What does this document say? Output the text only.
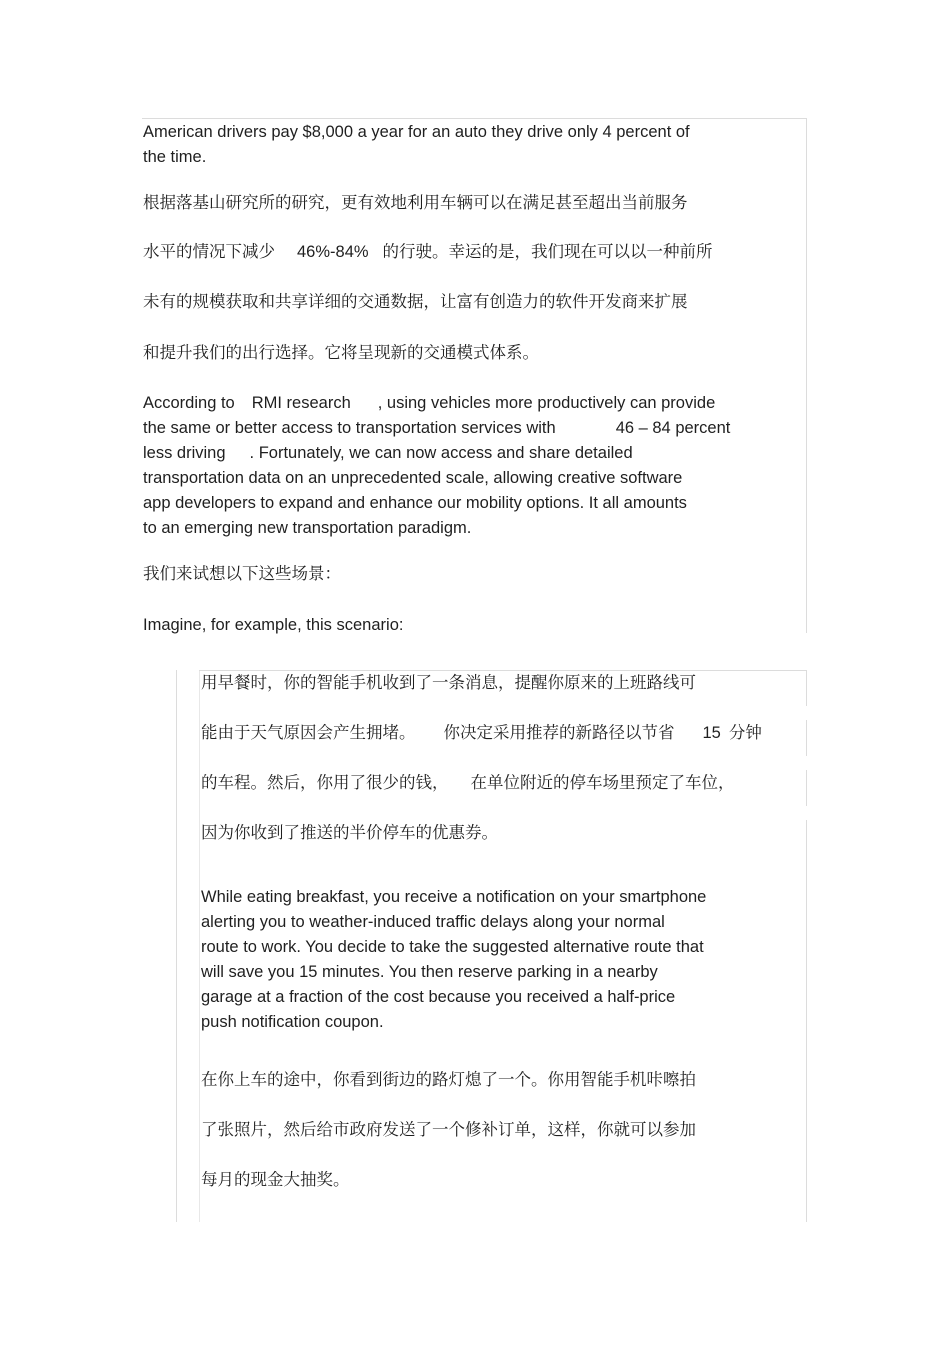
American drivers pay $8,000 a year for an auto they drive only 4 percent of
the time.
根据落基山研究所的研究，更有效地利用车辆可以在满足甚至超出当前服务
水平的情况下减少 46%-84% 的行驶。幸运的是，我们现在可以以一种前所
未有的规模获取和共享详细的交通数据，让富有创造力的软件开发商来扩展
和提升我们的出行选择。它将呈现新的交通模式体系。
According to RMI research , using vehicles more productively can provide
the same or better access to transportation services with	46 – 84 percent
less driving . Fortunately, we can now access and share detailed
transportation data on an unprecedented scale, allowing creative software
app developers to expand and enhance our mobility options. It all amounts
to an emerging new transportation paradigm.
我们来试想以下这些场景：
Imagine, for example, this scenario:
用早餐时，你的智能手机收到了一条消息，提醒你原来的上班路线可
能由于天气原因会产生拥堵。 你决定采用推荐的新路径以节省 15 分钟
的车程。然后，你用了很少的钱， 在单位附近的停车场里预定了车位，
因为你收到了推送的半价停车的优惠券。
While eating breakfast, you receive a notification on your smartphone
alerting you to weather-induced traffic delays along your normal
route to work. You decide to take the suggested alternative route that
will save you 15 minutes. You then reserve parking in a nearby
garage at a fraction of the cost because you received a half-price
push notification coupon.
在你上车的途中，你看到街边的路灯熄了一个。你用智能手机咔嚓拍
了张照片，然后给市政府发送了一个修补订单，这样，你就可以参加
每月的现金大抽奖。
